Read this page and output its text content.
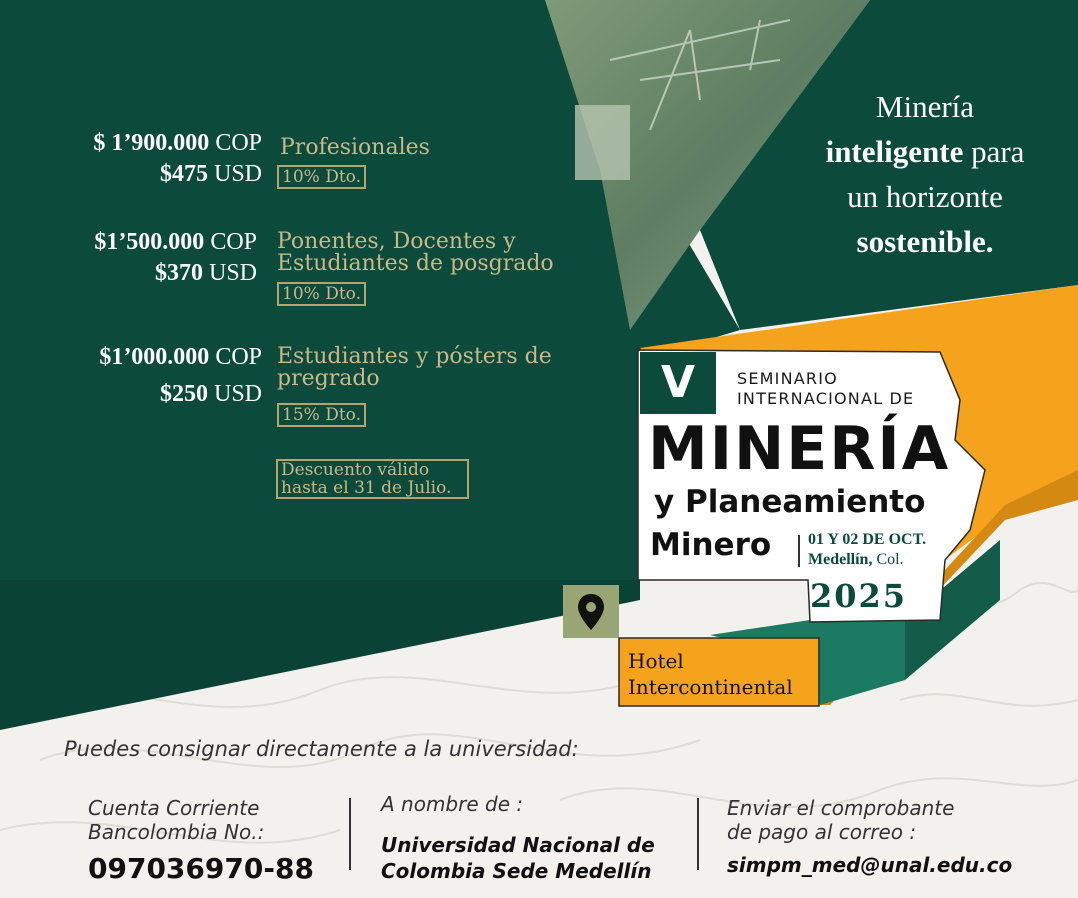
$ 1’900.000 COP
$475 USD
Profesionales
10% Dto.
$1’500.000 COP
$370 USD
Ponentes, Docentes y
Estudiantes de posgrado
10% Dto.
$1’000.000 COP
$250 USD
Estudiantes y pósters de
pregrado
15% Dto.
Descuento válido
hasta el 31 de Julio.
Minería
inteligente para
un horizonte
sostenible.
V	SEMINARIO
INTERNACIONAL DE
MINERÍA
y Planeamiento
Minero 01 Y 02 DE OCT.
Medellín, Col.
2025
Hotel
Intercontinental
Puedes consignar directamente a la universidad:
Cuenta Corriente
Bancolombia No.:
097036970-88
A nombre de :
Universidad Nacional de
Colombia Sede Medellín
Enviar el comprobante
de pago al correo :
simpm_med@unal.edu.co
